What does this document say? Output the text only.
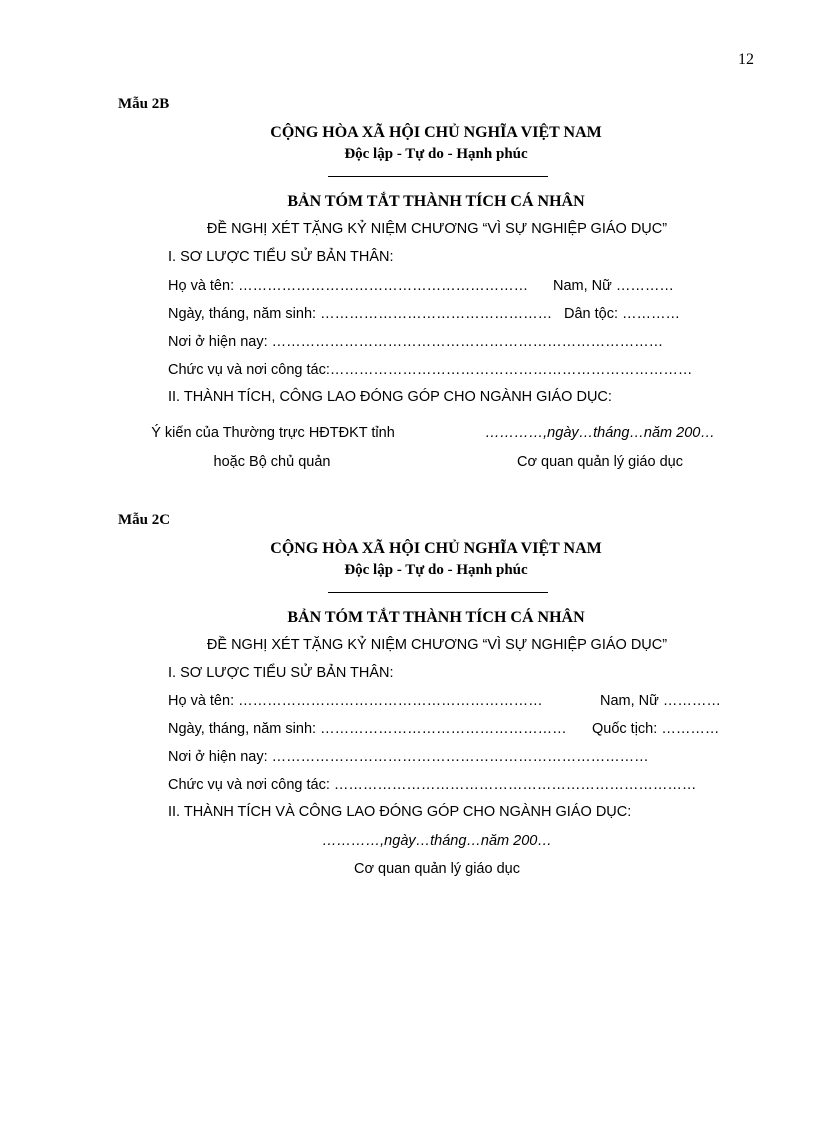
12
Mẫu 2B
CỘNG HÒA XÃ HỘI CHỦ NGHĨA VIỆT NAM
Độc lập - Tự do - Hạnh phúc
BẢN TÓM TẮT THÀNH TÍCH CÁ NHÂN
ĐỀ NGHỊ XÉT TẶNG KỶ NIỆM CHƯƠNG “VÌ SỰ NGHIỆP GIÁO DỤC”
I. SƠ LƯỢC TIỂU SỬ BẢN THÂN:
Họ và tên: …………………………………………………… Nam, Nữ …………
Ngày, tháng, năm sinh: ………………………………………… Dân tộc: …………
Nơi ở hiện nay: ………………………………………………………………………
Chức vụ và nơi công tác:…………………………………………………………………
II. THÀNH TÍCH, CÔNG LAO ĐÓNG GÓP CHO NGÀNH GIÁO DỤC:
Ý kiến của Thường trực HĐTĐKT tỉnh
hoặc Bộ chủ quản
…………,ngày…tháng…năm 200…
Cơ quan quản lý giáo dục
Mẫu 2C
CỘNG HÒA XÃ HỘI CHỦ NGHĨA VIỆT NAM
Độc lập - Tự do - Hạnh phúc
BẢN TÓM TẮT THÀNH TÍCH CÁ NHÂN
ĐỀ NGHỊ XÉT TẶNG KỶ NIỆM CHƯƠNG “VÌ SỰ NGHIỆP GIÁO DỤC”
I. SƠ LƯỢC TIỂU SỬ BẢN THÂN:
Họ và tên: ………………………………………………………	Nam, Nữ …………
Ngày, tháng, năm sinh: …………………………………………… Quốc tịch: …………
Nơi ở hiện nay: ……………………………………………………………………
Chức vụ và nơi công tác: …………………………………………………………………
II. THÀNH TÍCH VÀ CÔNG LAO ĐÓNG GÓP CHO NGÀNH GIÁO DỤC:
…………,ngày…tháng…năm 200…
Cơ quan quản lý giáo dục
